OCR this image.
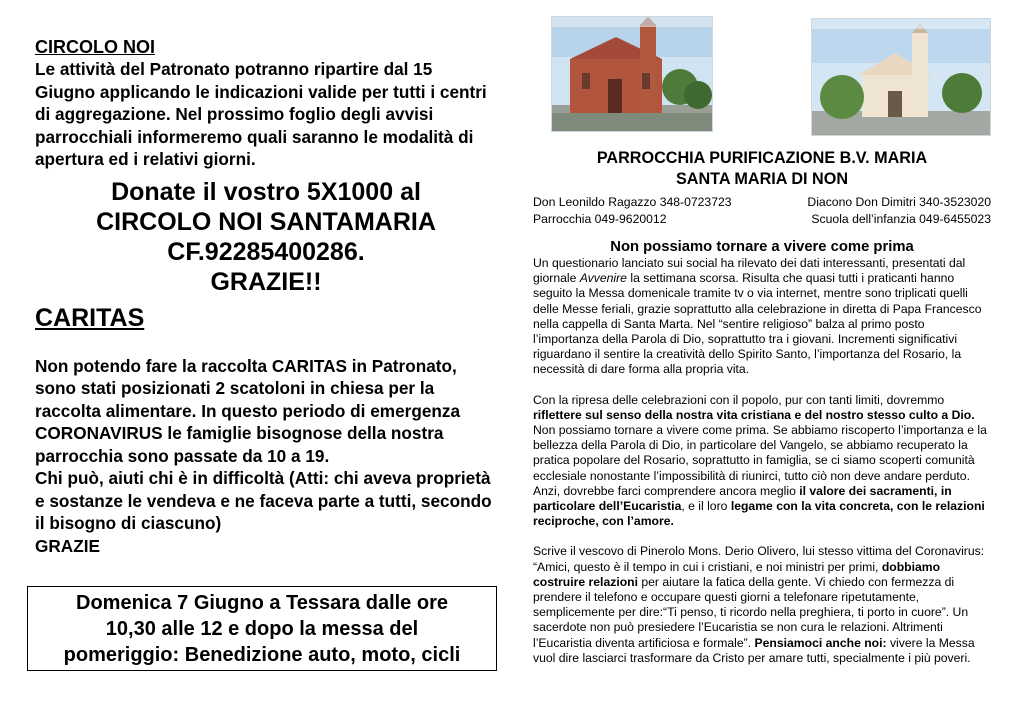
CIRCOLO NOI
Le attività del Patronato potranno ripartire dal 15 Giugno applicando le indicazioni valide per tutti i centri di aggregazione. Nel prossimo foglio degli avvisi parrocchiali informeremo quali saranno le modalità di apertura ed i relativi giorni.
Donate il vostro 5X1000 al
CIRCOLO NOI SANTAMARIA
CF.92285400286.
GRAZIE!!
CARITAS
Non potendo fare la raccolta CARITAS in Patronato, sono stati posizionati 2 scatoloni in chiesa per la raccolta alimentare. In questo periodo di emergenza CORONAVIRUS le famiglie bisognose della nostra parrocchia sono passate da 10 a 19.
Chi può, aiuti chi è in difficoltà (Atti: chi aveva proprietà e sostanze le vendeva e ne faceva parte a tutti, secondo il bisogno di ciascuno)
GRAZIE
Domenica 7 Giugno a Tessara dalle ore
10,30 alle 12 e dopo la messa del
pomeriggio: Benedizione auto, moto, cicli
PARROCCHIA PURIFICAZIONE B.V. MARIA
SANTA MARIA DI NON
Don Leonildo Ragazzo 348-0723723	Diacono Don Dimitri 340-3523020
Parrocchia 049-9620012	Scuola dell’infanzia 049-6455023
Non possiamo tornare a vivere come prima
Un questionario lanciato sui social ha rilevato dei dati interessanti, presentati dal giornale Avvenire la settimana scorsa. Risulta che quasi tutti i praticanti hanno seguito la Messa domenicale tramite tv o via internet, mentre sono triplicati quelli delle Messe feriali, grazie soprattutto alla celebrazione in diretta di Papa Francesco nella cappella di Santa Marta. Nel “sentire religioso” balza al primo posto l’importanza della Parola di Dio, soprattutto tra i giovani. Incrementi significativi riguardano il sentire la creatività dello Spirito Santo, l’importanza del Rosario, la necessità di dare forma alla propria vita.
Con la ripresa delle celebrazioni con il popolo, pur con tanti limiti, dovremmo riflettere sul senso della nostra vita cristiana e del nostro stesso culto a Dio. Non possiamo tornare a vivere come prima. Se abbiamo riscoperto l’importanza e la bellezza della Parola di Dio, in particolare del Vangelo, se abbiamo recuperato la pratica popolare del Rosario, soprattutto in famiglia, se ci siamo scoperti comunità ecclesiale nonostante l’impossibilità di riunirci, tutto ciò non deve andare perduto. Anzi, dovrebbe farci comprendere ancora meglio il valore dei sacramenti, in particolare dell’Eucaristia, e il loro legame con la vita concreta, con le relazioni reciproche, con l’amore.
Scrive il vescovo di Pinerolo Mons. Derio Olivero, lui stesso vittima del Coronavirus: “Amici, questo è il tempo in cui i cristiani, e noi ministri per primi, dobbiamo costruire relazioni per aiutare la fatica della gente. Vi chiedo con fermezza di prendere il telefono e occupare questi giorni a telefonare ripetutamente, semplicemente per dire:“Ti penso, ti ricordo nella preghiera, ti porto in cuore”. Un sacerdote non può presiedere l’Eucaristia se non cura le relazioni. Altrimenti l’Eucaristia diventa artificiosa e formale”. Pensiamoci anche noi: vivere la Messa vuol dire lasciarci trasformare da Cristo per amare tutti, specialmente i più poveri.
